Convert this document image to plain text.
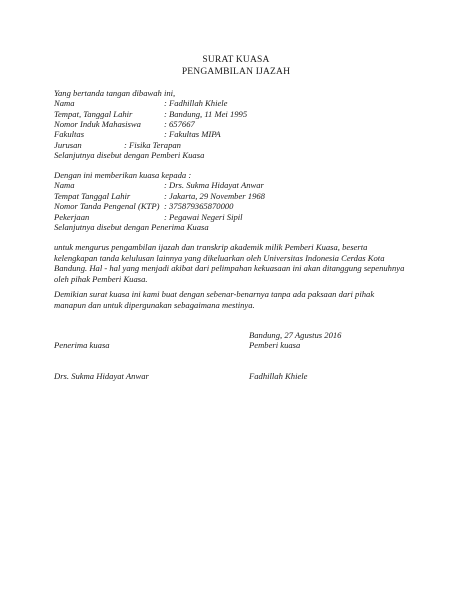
SURAT KUASA
PENGAMBILAN IJAZAH
Yang bertanda tangan dibawah ini,
Nama	: Fadhillah Khiele
Tempat, Tanggal Lahir	: Bandung, 11 Mei 1995
Nomor Induk Mahasiswa	: 657667
Fakultas	: Fakultas MIPA
Jurusan	: Fisika Terapan
Selanjutnya disebut dengan Pemberi Kuasa
Dengan ini memberikan kuasa kepada :
Nama	: Drs. Sukma Hidayat Anwar
Tempat Tanggal Lahir	: Jakarta, 29 November 1968
Nomor Tanda Pengenal (KTP) : 375879365870000
Pekerjaan	: Pegawai Negeri Sipil
Selanjutnya disebut dengan Penerima Kuasa
untuk mengurus pengambilan ijazah dan transkrip akademik milik Pemberi Kuasa, beserta
kelengkapan tanda kelulusan lainnya yang dikeluarkan oleh Universitas Indonesia Cerdas Kota
Bandung. Hal - hal yang menjadi akibat dari pelimpahan kekuasaan ini akan ditanggung sepenuhnya
oleh pihak Pemberi Kuasa.
Demikian surat kuasa ini kami buat dengan sebenar-benarnya tanpa ada paksaan dari pihak
manapun dan untuk dipergunakan sebagaimana mestinya.
Bandung, 27 Agustus 2016
Penerima kuasa	Pemberi kuasa
Drs. Sukma Hidayat Anwar	Fadhillah Khiele
